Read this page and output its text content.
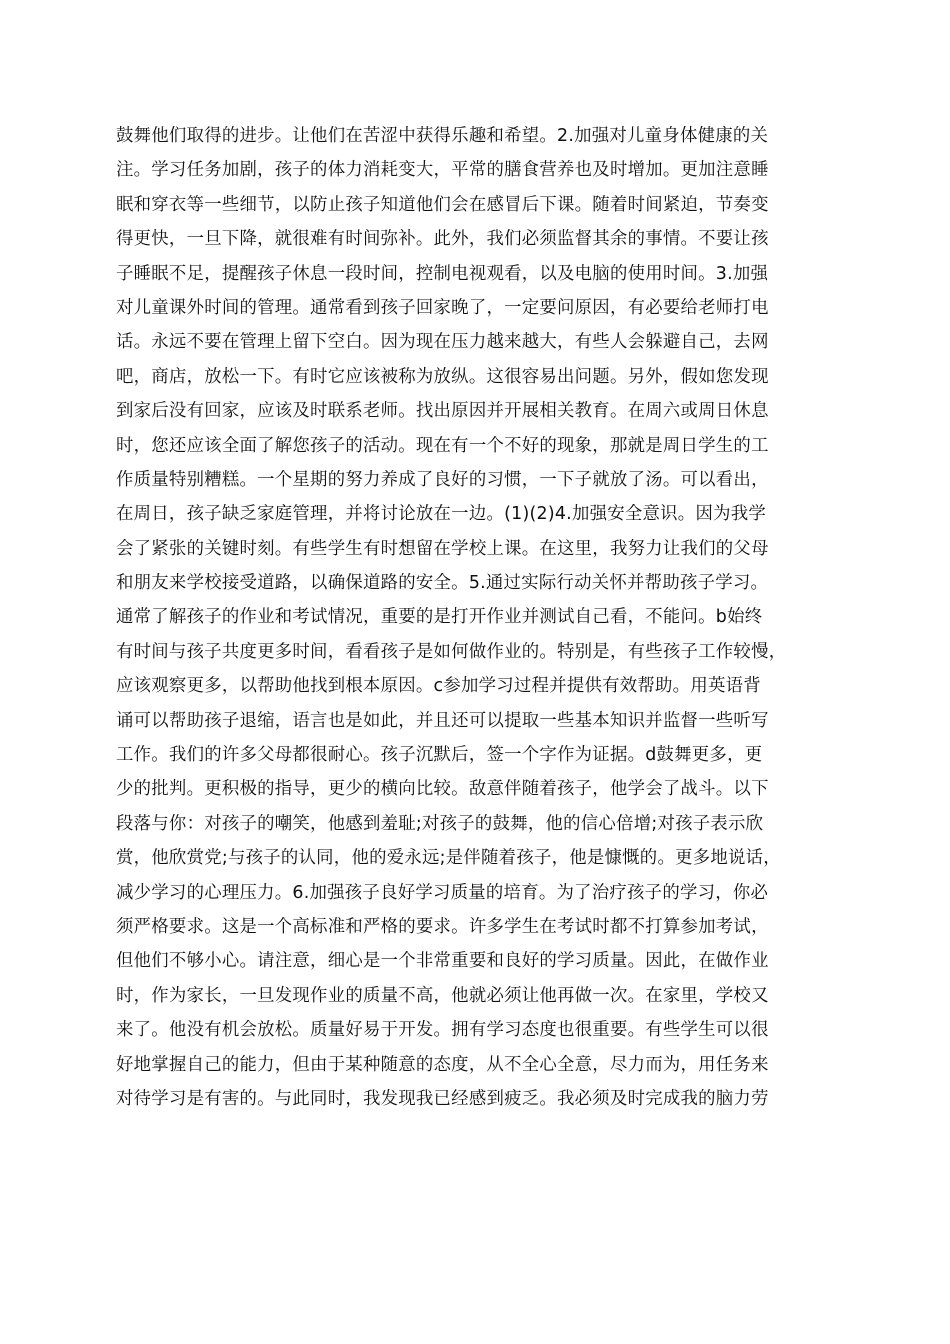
鼓舞他们取得的进步。让他们在苦涩中获得乐趣和希望。2.加强对儿童身体健康的关
注。学习任务加剧，孩子的体力消耗变大，平常的膳食营养也及时增加。更加注意睡
眠和穿衣等一些细节，以防止孩子知道他们会在感冒后下课。随着时间紧迫，节奏变
得更快，一旦下降，就很难有时间弥补。此外，我们必须监督其余的事情。不要让孩
子睡眠不足，提醒孩子休息一段时间，控制电视观看，以及电脑的使用时间。3.加强
对儿童课外时间的管理。通常看到孩子回家晚了，一定要问原因，有必要给老师打电
话。永远不要在管理上留下空白。因为现在压力越来越大，有些人会躲避自己，去网
吧，商店，放松一下。有时它应该被称为放纵。这很容易出问题。另外，假如您发现
到家后没有回家，应该及时联系老师。找出原因并开展相关教育。在周六或周日休息
时，您还应该全面了解您孩子的活动。现在有一个不好的现象，那就是周日学生的工
作质量特别糟糕。一个星期的努力养成了良好的习惯，一下子就放了汤。可以看出，
在周日，孩子缺乏家庭管理，并将讨论放在一边。(1)(2)4.加强安全意识。因为我学
会了紧张的关键时刻。有些学生有时想留在学校上课。在这里，我努力让我们的父母
和朋友来学校接受道路，以确保道路的安全。5.通过实际行动关怀并帮助孩子学习。
通常了解孩子的作业和考试情况，重要的是打开作业并测试自己看，不能问。b始终
有时间与孩子共度更多时间，看看孩子是如何做作业的。特别是，有些孩子工作较慢，
应该观察更多，以帮助他找到根本原因。c参加学习过程并提供有效帮助。用英语背
诵可以帮助孩子退缩，语言也是如此，并且还可以提取一些基本知识并监督一些听写
工作。我们的许多父母都很耐心。孩子沉默后，签一个字作为证据。d鼓舞更多，更
少的批判。更积极的指导，更少的横向比较。敌意伴随着孩子，他学会了战斗。以下
段落与你：对孩子的嘲笑，他感到羞耻;对孩子的鼓舞，他的信心倍增;对孩子表示欣
赏，他欣赏党;与孩子的认同，他的爱永远;是伴随着孩子，他是慷慨的。更多地说话，
减少学习的心理压力。6.加强孩子良好学习质量的培育。为了治疗孩子的学习，你必
须严格要求。这是一个高标准和严格的要求。许多学生在考试时都不打算参加考试，
但他们不够小心。请注意，细心是一个非常重要和良好的学习质量。因此，在做作业
时，作为家长，一旦发现作业的质量不高，他就必须让他再做一次。在家里，学校又
来了。他没有机会放松。质量好易于开发。拥有学习态度也很重要。有些学生可以很
好地掌握自己的能力，但由于某种随意的态度，从不全心全意，尽力而为，用任务来
对待学习是有害的。与此同时，我发现我已经感到疲乏。我必须及时完成我的脑力劳
